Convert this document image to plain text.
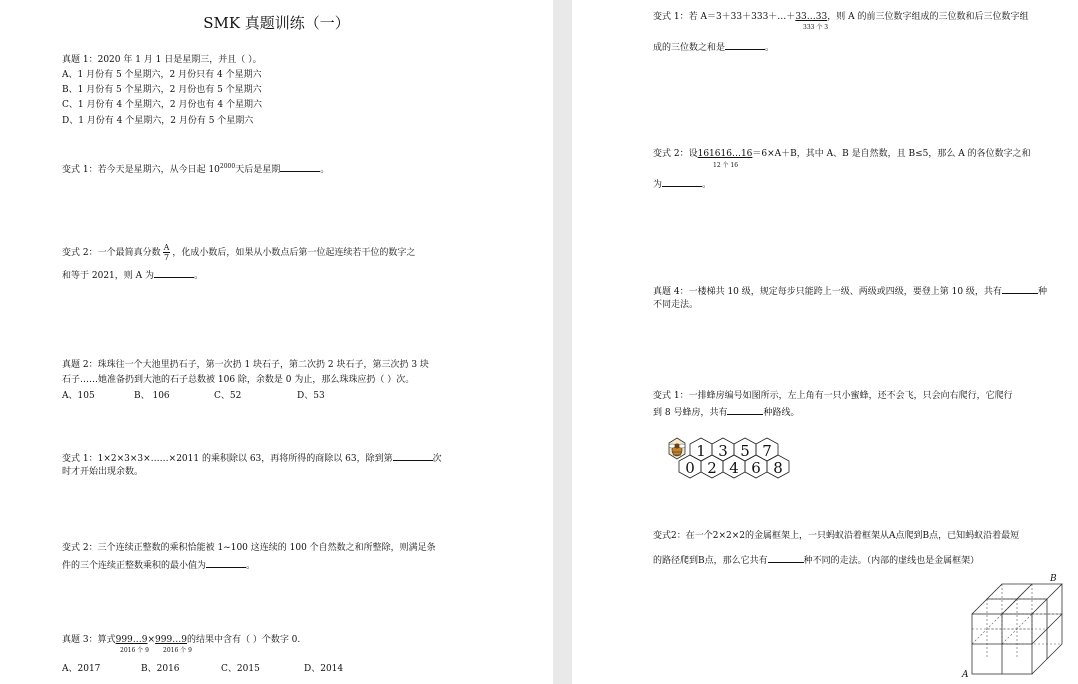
SMK 真题训练（一）
真题 1：2020 年 1 月 1 日是星期三，并且（ ）。
A、1 月份有 5 个星期六，2 月份只有 4 个星期六
B、1 月份有 5 个星期六，2 月份也有 5 个星期六
C、1 月份有 4 个星期六，2 月份也有 4 个星期六
D、1 月份有 4 个星期六，2 月份有 5 个星期六
变式 1：若今天是星期六，从今日起 $10^{2000}$天后是星期	。
变式 2：一个最简真分数 $\frac{A}{7}$ ，化成小数后，如果从小数点后第一位起连续若干位的数字之
和等于 2021，则 A 为	。
真题 2：珠珠往一个大池里扔石子，第一次扔 1 块石子，第二次扔 2 块石子，第三次扔 3 块
石子……她准备扔到大池的石子总数被 106 除，余数是 0 为止，那么珠珠应扔（ ）次。
A、105	B、 106	C、52	D、53
变式 1：1×2×3×3×……×2011 的乘积除以 63，再将所得的商除以 63，除到第	次
时才开始出现余数。
变式 2：三个连续正整数的乘积恰能被 1~100 这连续的 100 个自然数之和所整除，则满足条
件的三个连续正整数乘积的最小值为	。
真题 3：算式999…9×999…9的结果中含有（ ）个数字 0.
2016 个 9 2016 个 9
A、2017	B、2016	C、2015	D、2014
变式 1：若 A＝3＋33＋333＋…＋33…33，则 A 的前三位数字组成的三位数和后三位数字组
333 个 3
成的三位数之和是	。
变式 2：设161616…16＝6×A＋B，其中 A、B 是自然数，且 B≤5，那么 A 的各位数字之和
12 个 16
为	。
真题 4：一楼梯共 10 级，规定每步只能跨上一级、两级或四级，要登上第 10 级，共有	种
不同走法。
变式 1：一排蜂房编号如图所示，左上角有一只小蜜蜂，还不会飞，只会向右爬行，它爬行
到 8 号蜂房，共有	种路线。
1 3 5 7
0 2 4 6 8
变式2：在一个2×2×2的金属框架上，一只蚂蚁沿着框架从A点爬到B点，已知蚂蚁沿着最短
的路径爬到B点，那么它共有	种不同的走法。（内部的虚线也是金属框架）
A
B
